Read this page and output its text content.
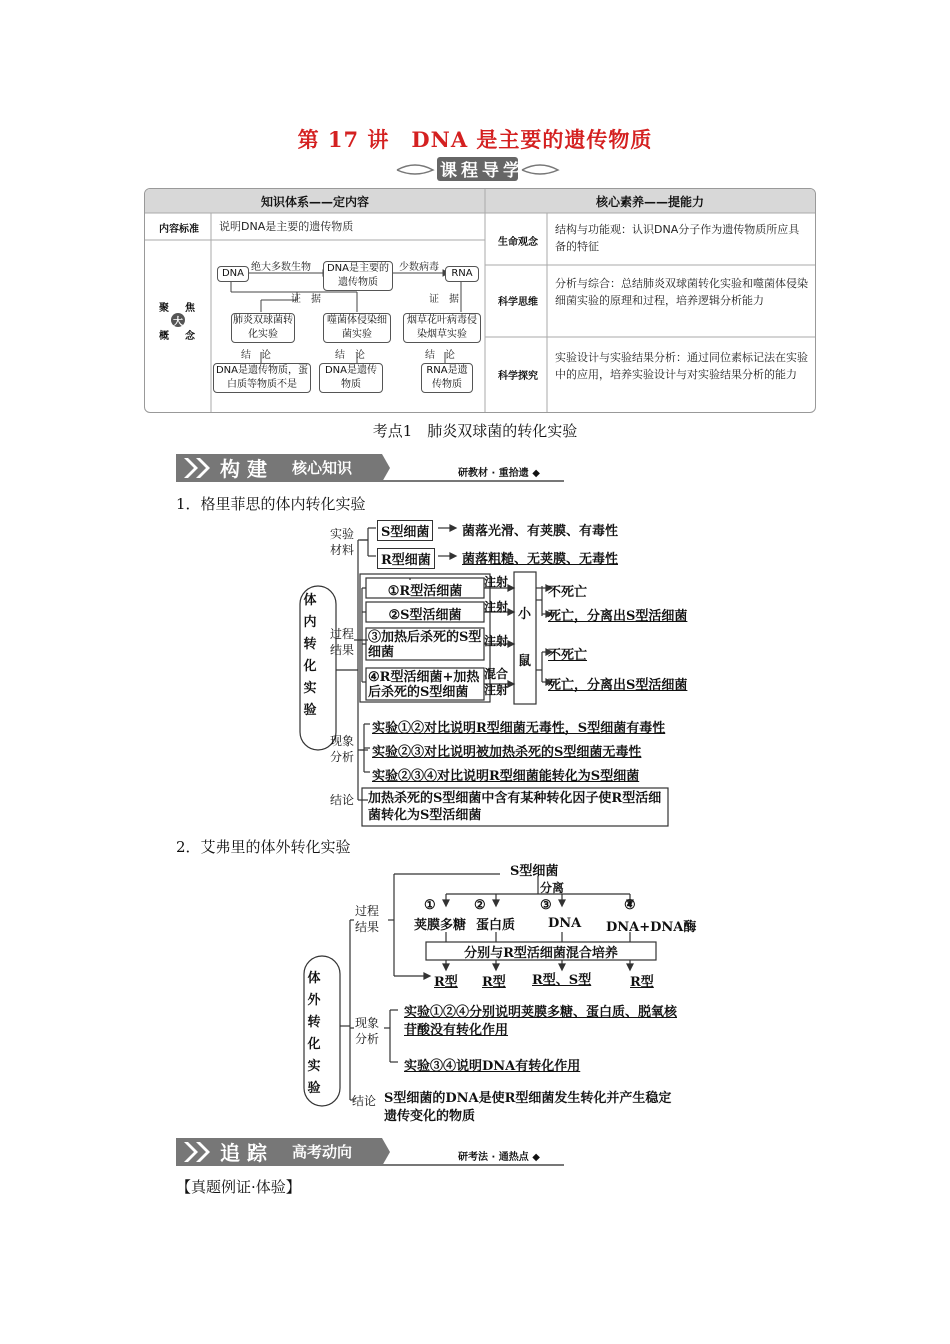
第 17 讲　DNA 是主要的遗传物质
课程导学
知识体系——定内容	核心素养——提能力
内容标准	说明DNA是主要的遗传物质
聚 焦
大
概 念
DNA
绝大多数生物	DNA是主要的遗传物质
少数病毒
RNA
证　据	证　据
肺炎双球菌转化实验
噬菌体侵染细菌实验
烟草花叶病毒侵染烟草实验
结　论	结　论	结　论
DNA是遗传物质，蛋白质等物质不是
DNA是遗传物质
RNA是遗传物质
生命观念
结构与功能观：认识DNA分子作为遗传物质所应具备的特征
科学思维
分析与综合：总结肺炎双球菌转化实验和噬菌体侵染细菌实验的原理和过程，培养逻辑分析能力
科学探究
实验设计与实验结果分析：通过同位素标记法在实验中的应用，培养实验设计与对实验结果分析的能力
考点1　肺炎双球菌的转化实验
构 建 核心知识	研教材 · 重拾遗 ◆
1．格里菲思的体内转化实验
体 内 转 化 实 验
实验材料
S型细菌	菌落光滑、有荚膜、有毒性
R型细菌	菌落粗糙、无荚膜、无毒性
过程结果
①R型活细菌
②S型活细菌
③加热后杀死的S型细菌
④R型活细菌+加热后杀死的S型细菌
注射
注射
注射
混合注射
小
鼠
不死亡
死亡，分离出S型活细菌
不死亡
死亡，分离出S型活细菌
现象分析
实验①②对比说明R型细菌无毒性，S型细菌有毒性
实验②③对比说明被加热杀死的S型细菌无毒性
实验②③④对比说明R型细菌能转化为S型细菌
结论 加热杀死的S型细菌中含有某种转化因子使R型活细菌转化为S型活细菌
2．艾弗里的体外转化实验
体 外 转 化 实 验
过程结果
S型细菌
分离
①	②	③	④
荚膜多糖 蛋白质	DNA DNA+DNA酶
分别与R型活细菌混合培养
R型 R型 R型、S型	R型
现象分析
实验①②④分别说明荚膜多糖、蛋白质、脱氧核苷酸没有转化作用
实验③④说明DNA有转化作用
结论 S型细菌的DNA是使R型细菌发生转化并产生稳定遗传变化的物质
追 踪 高考动向	研考法 · 通热点 ◆
【真题例证·体验】
